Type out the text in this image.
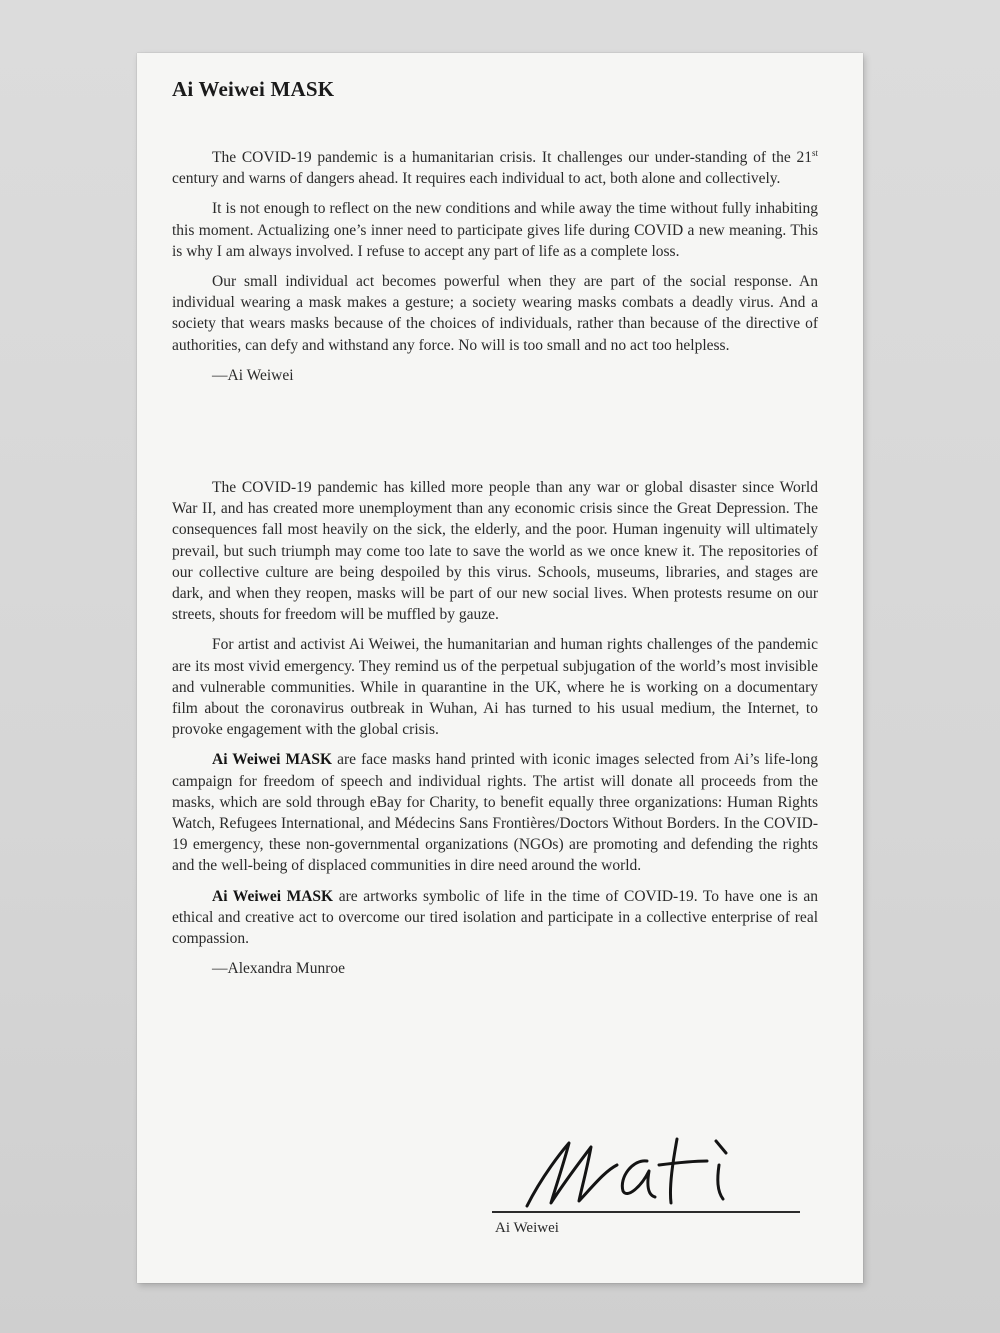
Ai Weiwei MASK

The COVID-19 pandemic is a humanitarian crisis. It challenges our under-standing of the 21st century and warns of dangers ahead. It requires each individual to act, both alone and collectively.

It is not enough to reflect on the new conditions and while away the time without fully inhabiting this moment. Actualizing one’s inner need to participate gives life during COVID a new meaning. This is why I am always involved. I refuse to accept any part of life as a complete loss.

Our small individual act becomes powerful when they are part of the social response. An individual wearing a mask makes a gesture; a society wearing masks combats a deadly virus. And a society that wears masks because of the choices of individuals, rather than because of the directive of authorities, can defy and withstand any force. No will is too small and no act too helpless.

—Ai Weiwei

The COVID-19 pandemic has killed more people than any war or global disaster since World War II, and has created more unemployment than any economic crisis since the Great Depression. The consequences fall most heavily on the sick, the elderly, and the poor. Human ingenuity will ultimately prevail, but such triumph may come too late to save the world as we once knew it. The repositories of our collective culture are being despoiled by this virus. Schools, museums, libraries, and stages are dark, and when they reopen, masks will be part of our new social lives. When protests resume on our streets, shouts for freedom will be muffled by gauze.

For artist and activist Ai Weiwei, the humanitarian and human rights challenges of the pandemic are its most vivid emergency. They remind us of the perpetual subjugation of the world’s most invisible and vulnerable communities. While in quarantine in the UK, where he is working on a documentary film about the coronavirus outbreak in Wuhan, Ai has turned to his usual medium, the Internet, to provoke engagement with the global crisis.

Ai Weiwei MASK are face masks hand printed with iconic images selected from Ai’s life-long campaign for freedom of speech and individual rights. The artist will donate all proceeds from the masks, which are sold through eBay for Charity, to benefit equally three organizations: Human Rights Watch, Refugees International, and Médecins Sans Frontières/Doctors Without Borders. In the COVID-19 emergency, these non-governmental organizations (NGOs) are promoting and defending the rights and the well-being of displaced communities in dire need around the world.

Ai Weiwei MASK are artworks symbolic of life in the time of COVID-19. To have one is an ethical and creative act to overcome our tired isolation and participate in a collective enterprise of real compassion.

—Alexandra Munroe

Ai Weiwei
